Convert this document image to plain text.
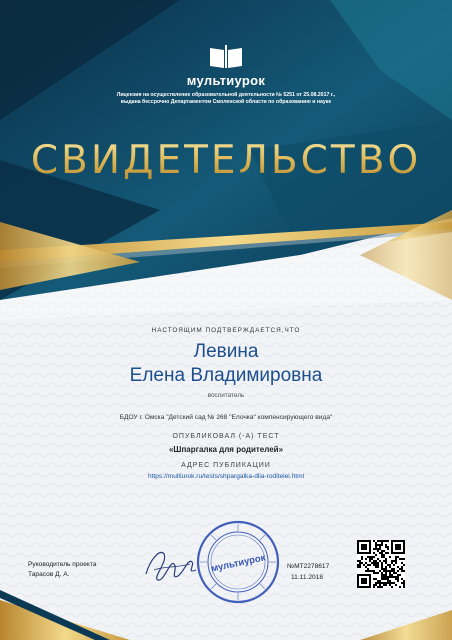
мультиурок
Лицензия на осуществление образовательной деятельности № 5251 от 25.08.2017 г.,
выдана бессрочно Департаментом Смоленской области по образованию и науке
СВИДЕТЕЛЬСТВО
НАСТОЯЩИМ ПОДТВЕРЖДАЕТСЯ,ЧТО
Левина
Елена Владимировна
воспитатель
БДОУ г. Омска "Детский сад № 268 "Елочка" компенсирующего вида"
ОПУБЛИКОВАЛ (-А) ТЕСТ
«Шпаргалка для родителей»
АДРЕС ПУБЛИКАЦИИ
https://multiurok.ru/tests/shpargalka-dlia-roditelei.html
Руководитель проекта
Тарасов Д. А.	мультиурок	№МТ2278617
11.11.2018
